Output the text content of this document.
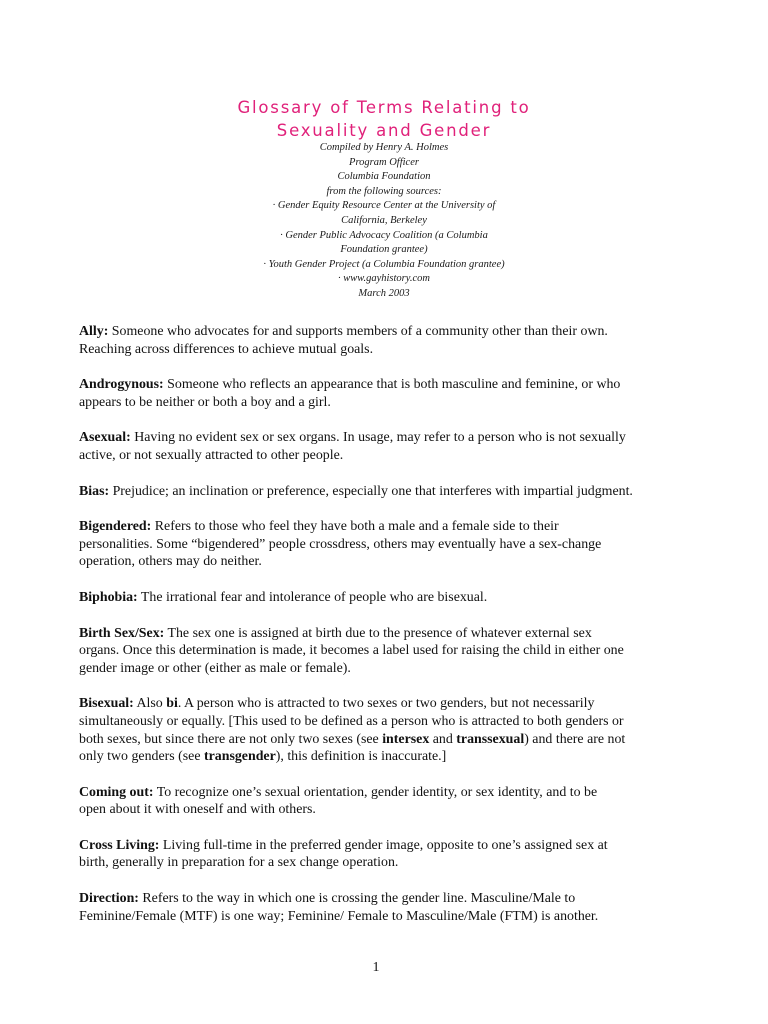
Glossary of Terms Relating to
Sexuality and Gender
Compiled by Henry A. Holmes
Program Officer
Columbia Foundation
from the following sources:
· Gender Equity Resource Center at the University of
California, Berkeley
· Gender Public Advocacy Coalition (a Columbia
Foundation grantee)
· Youth Gender Project (a Columbia Foundation grantee)
· www.gayhistory.com
March 2003
Ally: Someone who advocates for and supports members of a community other than their own.
Reaching across differences to achieve mutual goals.
Androgynous: Someone who reflects an appearance that is both masculine and feminine, or who
appears to be neither or both a boy and a girl.
Asexual: Having no evident sex or sex organs. In usage, may refer to a person who is not sexually
active, or not sexually attracted to other people.
Bias: Prejudice; an inclination or preference, especially one that interferes with impartial judgment.
Bigendered: Refers to those who feel they have both a male and a female side to their
personalities. Some “bigendered” people crossdress, others may eventually have a sex-change
operation, others may do neither.
Biphobia: The irrational fear and intolerance of people who are bisexual.
Birth Sex/Sex: The sex one is assigned at birth due to the presence of whatever external sex
organs. Once this determination is made, it becomes a label used for raising the child in either one
gender image or other (either as male or female).
Bisexual: Also bi. A person who is attracted to two sexes or two genders, but not necessarily
simultaneously or equally. [This used to be defined as a person who is attracted to both genders or
both sexes, but since there are not only two sexes (see intersex and transsexual) and there are not
only two genders (see transgender), this definition is inaccurate.]
Coming out: To recognize one’s sexual orientation, gender identity, or sex identity, and to be
open about it with oneself and with others.
Cross Living: Living full-time in the preferred gender image, opposite to one’s assigned sex at
birth, generally in preparation for a sex change operation.
Direction: Refers to the way in which one is crossing the gender line. Masculine/Male to
Feminine/Female (MTF) is one way; Feminine/ Female to Masculine/Male (FTM) is another.
1
